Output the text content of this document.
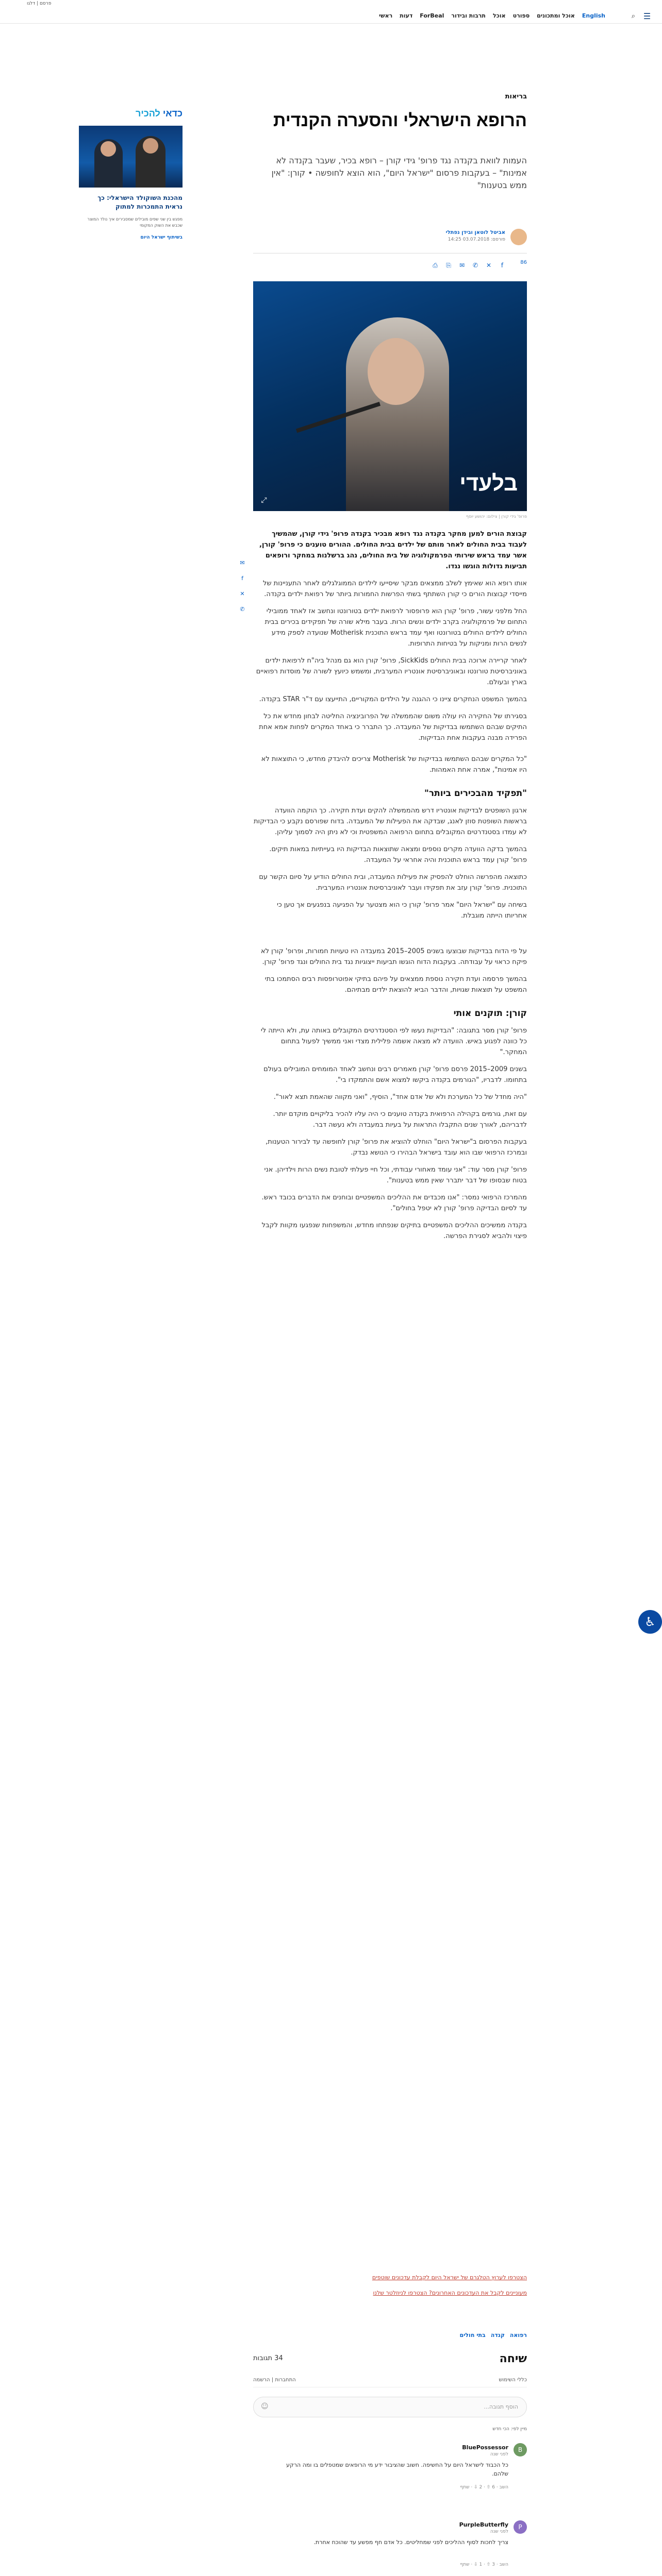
פרסם | דלגו
☰
⌕
English
אוכל ומתכונים
ספורט
אוכל
תרבות ובידור
ForBeal
דעות
ראשי
כדאי להכיר
מהכנת השוקולד הישראלי: כך נראית התמכרות למתוק
מפגש בין שני שפים מובילים שמסבירים איך נולד המוצר שכבש את השוק המקומי
בשיתוף ישראל היום
בריאות
הרופא הישראלי והסערה הקנדית
העמות לוואת בקנדה נגד פרופ' גידי קורן – רופא בכיר, שעבר בקנדה לא אמינות" – בעקבות פרסום "ישראל היום", הוא הוצא לחופשה • קורן: "אין ממש בטענות"
אביטל לוטאן ובידן נפתלי
פורסם: 03.07.2018 14:25
86
f✕✆✉⎘⎙
בלעדי
⤢
פרופ' גידי קורן | צילום: יהושע יוסף
✉
f
✕
✆

קבוצת הורים למען מחקר בקנדה נגד רופא מבכיר בקנדה פרופ' גידי קורן, שהמשיך לעבוד בבית החולים לאחר מותם של ילדים בבית החולים. ההורים טוענים כי פרופ' קורן, אשר עמד בראש שירותי הפרמקולוגיה של בית החולים, נהג ברשלנות במחקר ורופאים תביעות גדולות הוגשו נגדו.

אותו רופא הוא שאימץ לשלב ממצאים מבקר שיסייעו לילדים הממוגלגלים לאחר התעניינות של מייסדי קבוצות הורים כי קורן השתתף בשתי הפרשות החמורות ביותר של רפואת ילדים בקנדה.

החל מלפני עשור, פרופ' קורן הוא פרופסור לרפואת ילדים בטורונטו ונחשב אז לאחד ממובילי התחום של פרמקולוגיה בקרב ילדים ונשים הרות. בעבר מילא שורה של תפקידים בכירים בבית החולים לילדים החולים בטורונטו ואף עמד בראש התוכנית Motherisk שנועדה לספק מידע לנשים הרות ומניקות על בטיחות התרופות.

לאחר קריירה ארוכה בבית החולים SickKids, פרופ' קורן הוא גם מנהל ביה"ח לרפואת ילדים באוניברסיטת טורונטו ובאוניברסיטת אונטריו המערבית, ומשמש כיועץ לשורה של מוסדות רפואיים בארץ ובעולם.

בהמשך המשפט הנחקרים ציינו כי ההגנה על הילדים המקוריים, התייעצו עם ד"ר STAR בקנדה.

בסגירתו של החקירה היו עולה משום שהממשלה של הפרובינציה החליטה לבחון מחדש את כל התיקים שבהם השתמשו בבדיקות של המעבדה. כך התברר כי באחד המקרים לפחות אמא אחת הפרידה מבנה בעקבות אחת הבדיקות.

"כל המקרים שבהם השתמשו בבדיקות של Motherisk צריכים להיבדק מחדש, כי התוצאות לא היו אמינות", אמרה אחת האמהות.

"תפקיד מהבכירים ביותר"

ארגון השופטים לבדיקות אונטריו דרש מהממשלה להקים ועדת חקירה. כך הוקמה הוועדה בראשות השופטת סוזן לאנג, שבדקה את הפעילות של המעבדה. בדוח שפורסם נקבע כי הבדיקות לא עמדו בסטנדרטים המקובלים בתחום הרפואה המשפטית וכי לא ניתן היה לסמוך עליהן.

בהמשך בדקה הוועדה מקרים נוספים ומצאה שתוצאות הבדיקות היו בעייתיות במאות תיקים. פרופ' קורן עמד בראש התוכנית והיה אחראי על המעבדה.

כתוצאה מהפרשה הוחלט להפסיק את פעילות המעבדה, ובית החולים הודיע על סיום הקשר עם התוכנית. פרופ' קורן עזב את תפקידו ועבר לאוניברסיטת אונטריו המערבית.

בשיחה עם "ישראל היום" אמר פרופ' קורן כי הוא מצטער על הפגיעה בנפגעים אך טען כי אחריותו הייתה מוגבלת.

על פי הדוח בבדיקות שבוצעו בשנים 2005–2015 במעבדה היו טעויות חמורות, ופרופ' קורן לא פיקח כראוי על עבודתה. בעקבות הדוח הוגשו תביעות ייצוגיות נגד בית החולים ונגד פרופ' קורן.

בהמשך פרסמה ועדת חקירה נוספת ממצאים על פיהם בתיקי אפוטרופסות רבים הסתמכו בתי המשפט על תוצאות שגויות, והדבר הביא להוצאת ילדים מבתיהם.

קורן: תוקנים אותי

פרופ' קורן מסר בתגובה: "הבדיקות נעשו לפי הסטנדרטים המקובלים באותה עת, ולא הייתה לי כל כוונה לפגוע באיש. הוועדה לא מצאה אשמה פלילית מצדי ואני ממשיך לפעול בתחום המחקר."

בשנים 2009–2015 פרסם פרופ' קורן מאמרים רבים ונחשב לאחד המומחים המובילים בעולם בתחומו. לדבריו, "הגורמים בקנדה ביקשו למצוא אשם והתמקדו בי".

"היה מחדל של כל המערכת ולא של אדם אחד", הוסיף, "ואני מקווה שהאמת תצא לאור".

עם זאת, גורמים בקהילה הרפואית בקנדה טוענים כי היה עליו להכיר בליקויים מוקדם יותר. לדבריהם, לאורך שנים התקבלו התראות על בעיות במעבדה ולא נעשה דבר.

בעקבות הפרסום ב"ישראל היום" הוחלט להוציא את פרופ' קורן לחופשה עד לבירור הטענות, ובמרכז הרפואי שבו הוא עובד בישראל הבהירו כי הנושא נבדק.

פרופ' קורן מסר עוד: "אני עומד מאחורי עבודתי, וכל חיי פעלתי לטובת נשים הרות וילדיהן. אני בטוח שבסופו של דבר יתברר שאין ממש בטענות".

מהמרכז הרפואי נמסר: "אנו מכבדים את ההליכים המשפטיים ובוחנים את הדברים בכובד ראש. עד לסיום הבדיקה פרופ' קורן לא יטפל בחולים".

בקנדה ממשיכים ההליכים המשפטיים בתיקים שנפתחו מחדש, והמשפחות שנפגעו מקוות לקבל פיצוי ולהביא לסגירת הפרשה.

הצטרפו לערוץ הטלגרם של ישראל היום לקבלת עדכונים שוטפים

מעוניינים לקבל את העדכונים האחרונים? הצטרפו לניוזלטר שלנו

רפואהקנדהבתי חולים
שיחה
34 תגובות
כללי השימוש
התחברות | הרשמה
הוסף תגובה...
☺
מיין לפי: הכי חדש
B
BluePossessor
לפני שנה
כל הכבוד לישראל היום על החשיפה. חשוב שהציבור ידע מי הרופאים שמטפלים בו ומה הרקע שלהם.
השב · 6 ⇧ · 2 ⇩ · שתף
P
PurpleButterfly
לפני שנה
צריך לחכות לסוף ההליכים לפני שמחליטים. כל אדם חף מפשע עד שהוכח אחרת.
השב · 3 ⇧ · 1 ⇩ · שתף

♿
